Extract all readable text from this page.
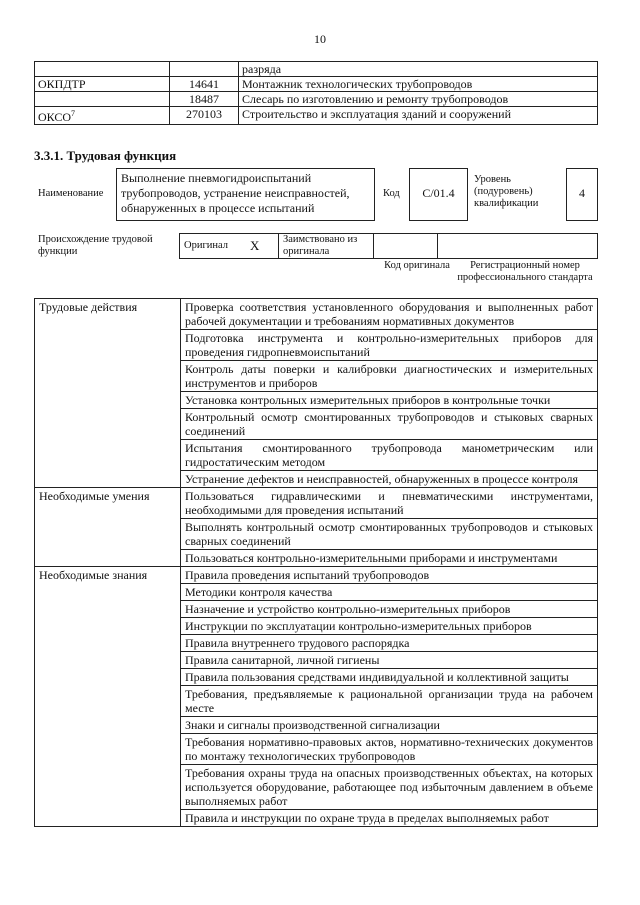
10
		разряда
ОКПДТР	14641	Монтажник технологических трубопроводов
	18487	Слесарь по изготовлению и ремонту трубопроводов
ОКСО$^7$	270103	Строительство и эксплуатация зданий и сооружений
3.3.1. Трудовая функция
Наименование
Выполнение пневмогидроиспытаний трубопроводов, устранение неисправностей, обнаруженных в процессе испытаний
Код	C/01.4
Уровень (подуровень) квалификации
4
Происхождение трудовой функции
Оригинал	X	Заимствовано из оригинала		
Код оригинала	Регистрационный номер профессионального стандарта
Трудовые действия	Проверка соответствия установленного оборудования и выполненных работ рабочей документации и требованиям нормативных документов
	Подготовка инструмента и контрольно-измерительных приборов для проведения гидропневмоиспытаний
	Контроль даты поверки и калибровки диагностических и измерительных инструментов и приборов
	Установка контрольных измерительных приборов в контрольные точки
	Контрольный осмотр смонтированных трубопроводов и стыковых сварных соединений
	Испытания смонтированного трубопровода манометрическим или гидростатическим методом
	Устранение дефектов и неисправностей, обнаруженных в процессе контроля
Необходимые умения	Пользоваться гидравлическими и пневматическими инструментами, необходимыми для проведения испытаний
	Выполнять контрольный осмотр смонтированных трубопроводов и стыковых сварных соединений
	Пользоваться контрольно-измерительными приборами и инструментами
Необходимые знания	Правила проведения испытаний трубопроводов
	Методики контроля качества
	Назначение и устройство контрольно-измерительных приборов
	Инструкции по эксплуатации контрольно-измерительных приборов
	Правила внутреннего трудового распорядка
	Правила санитарной, личной гигиены
	Правила пользования средствами индивидуальной и коллективной защиты
	Требования, предъявляемые к рациональной организации труда на рабочем месте
	Знаки и сигналы производственной сигнализации
	Требования нормативно-правовых актов, нормативно-технических документов по монтажу технологических трубопроводов
	Требования охраны труда на опасных производственных объектах, на которых используется оборудование, работающее под избыточным давлением в объеме выполняемых работ
	Правила и инструкции по охране труда в пределах выполняемых работ
